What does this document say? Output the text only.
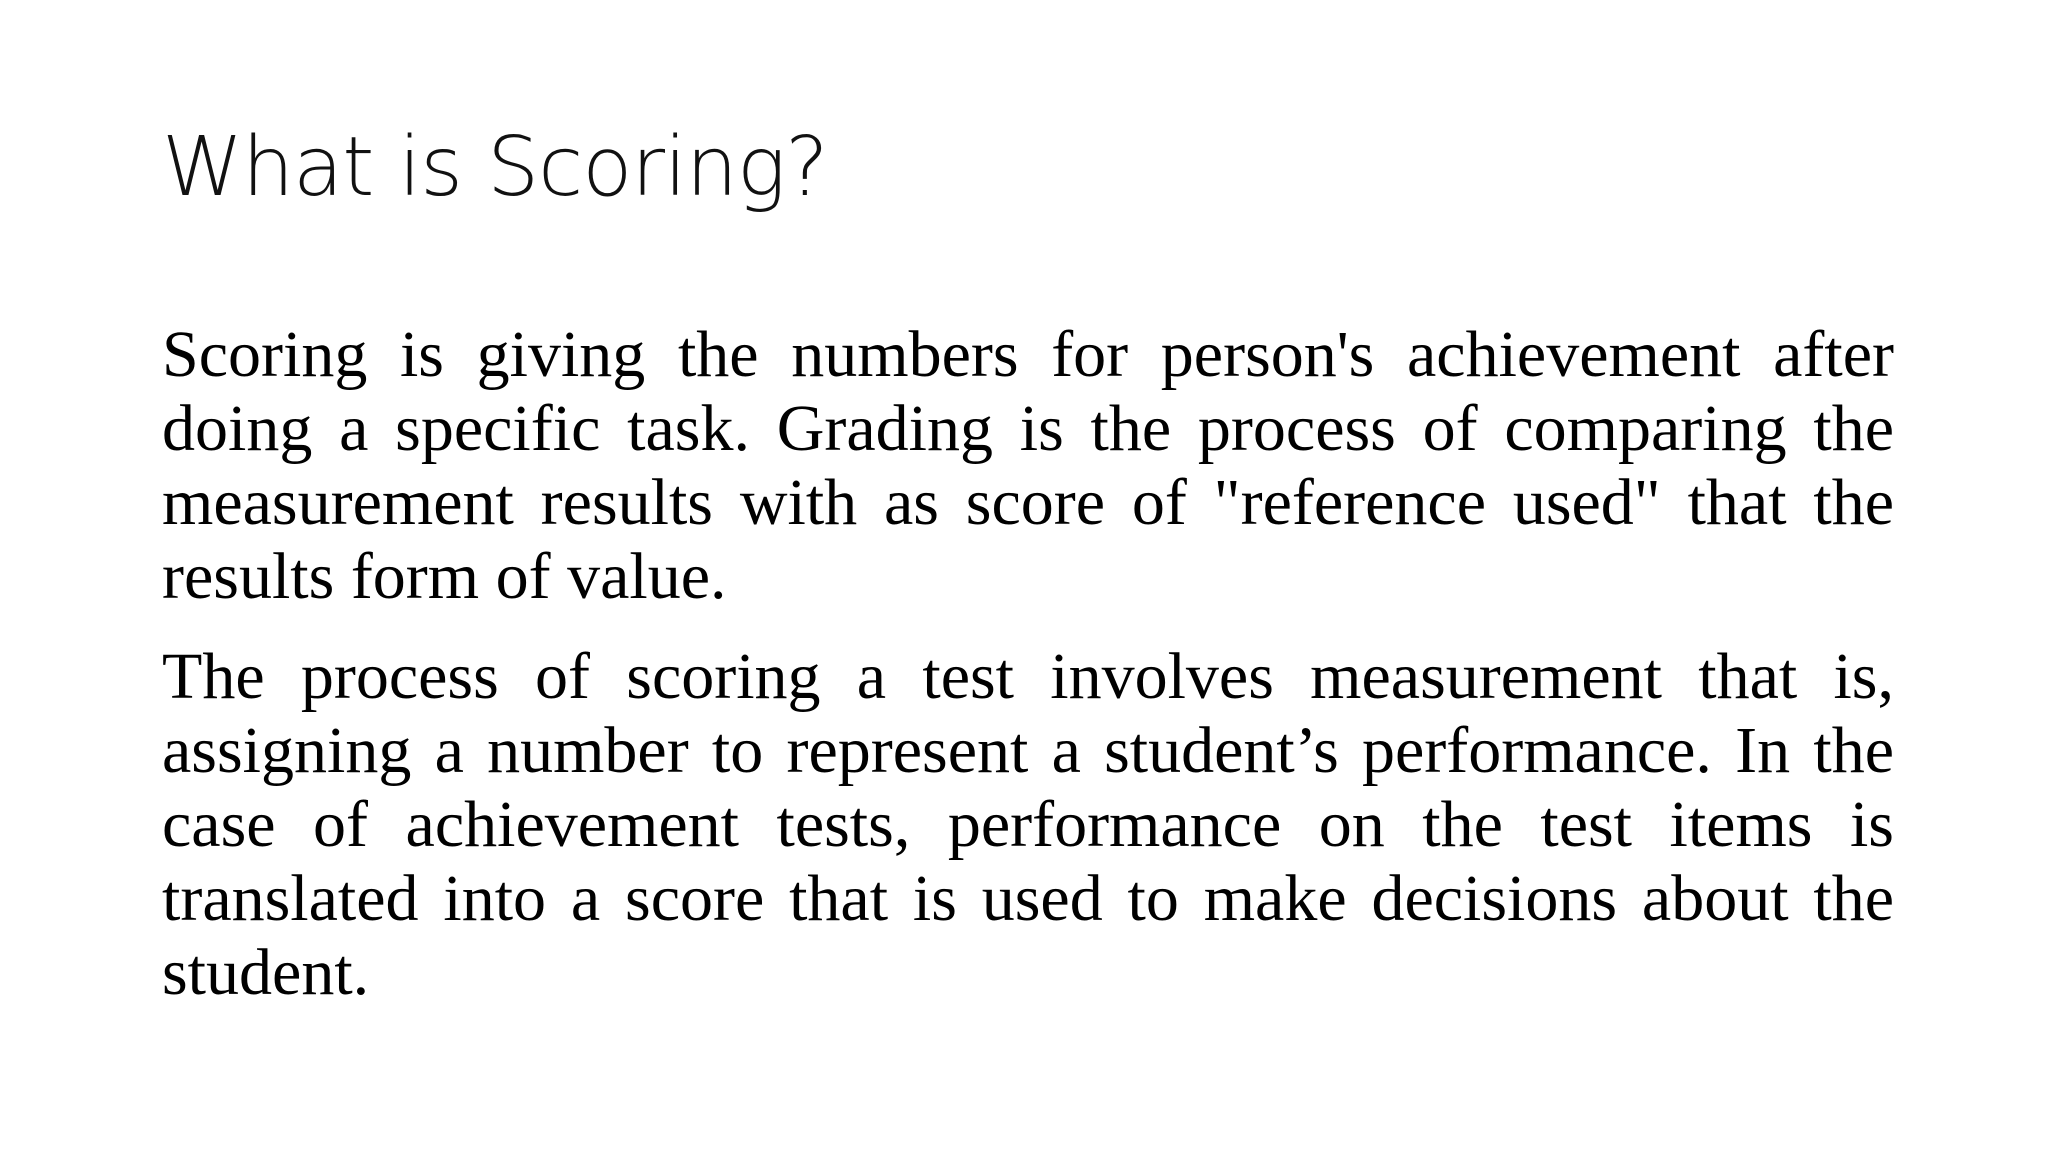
What is Scoring?

Scoring is giving the numbers for person's achievement after doing a specific task. Grading is the process of comparing the measurement results with as score of "reference used" that the results form of value.

The process of scoring a test involves measurement that is, assigning a number to represent a student’s performance. In the case of achievement tests, performance on the test items is translated into a score that is used to make decisions about the student.
